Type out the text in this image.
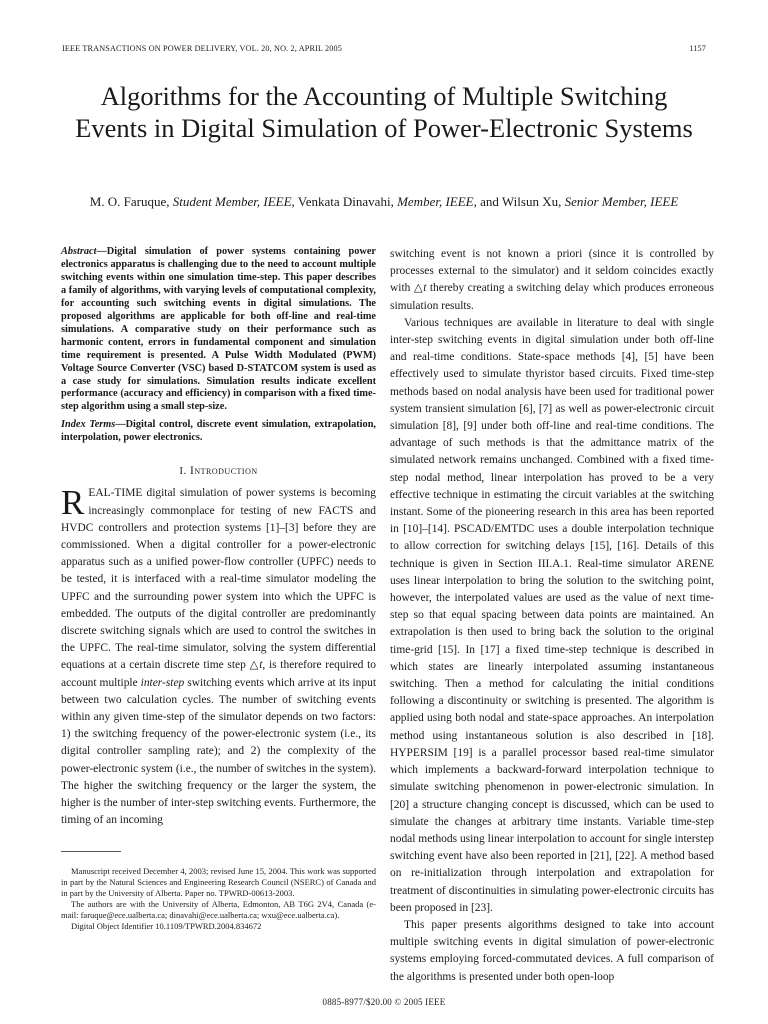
IEEE TRANSACTIONS ON POWER DELIVERY, VOL. 20, NO. 2, APRIL 2005	1157
Algorithms for the Accounting of Multiple Switching Events in Digital Simulation of Power-Electronic Systems
M. O. Faruque, Student Member, IEEE, Venkata Dinavahi, Member, IEEE, and Wilsun Xu, Senior Member, IEEE

Abstract—Digital simulation of power systems containing power electronics apparatus is challenging due to the need to account multiple switching events within one simulation time-step. This paper describes a family of algorithms, with varying levels of computational complexity, for accounting such switching events in digital simulations. The proposed algorithms are applicable for both off-line and real-time simulations. A comparative study on their performance such as harmonic content, errors in fundamental component and simulation time requirement is presented. A Pulse Width Modulated (PWM) Voltage Source Converter (VSC) based D-STATCOM system is used as a case study for simulations. Simulation results indicate excellent performance (accuracy and efficiency) in comparison with a fixed time-step algorithm using a small step-size.

Index Terms—Digital control, discrete event simulation, extrapolation, interpolation, power electronics.

I. Introduction

REAL-TIME digital simulation of power systems is becoming increasingly commonplace for testing of new FACTS and HVDC controllers and protection systems [1]–[3] before they are commissioned. When a digital controller for a power-electronic apparatus such as a unified power-flow controller (UPFC) needs to be tested, it is interfaced with a real-time simulator modeling the UPFC and the surrounding power system into which the UPFC is embedded. The outputs of the digital controller are predominantly discrete switching signals which are used to control the switches in the UPFC. The real-time simulator, solving the system differential equations at a certain discrete time step △t, is therefore required to account multiple inter-step switching events which arrive at its input between two calculation cycles. The number of switching events within any given time-step of the simulator depends on two factors: 1) the switching frequency of the power-electronic system (i.e., its digital controller sampling rate); and 2) the complexity of the power-electronic system (i.e., the number of switches in the system). The higher the switching frequency or the larger the system, the higher is the number of inter-step switching events. Furthermore, the timing of an incoming

Manuscript received December 4, 2003; revised June 15, 2004. This work was supported in part by the Natural Sciences and Engineering Research Council (NSERC) of Canada and in part by the University of Alberta. Paper no. TPWRD-00613-2003.

The authors are with the University of Alberta, Edmonton, AB T6G 2V4, Canada (e-mail: faruque@ece.ualberta.ca; dinavahi@ece.ualberta.ca; wxu@ece.ualberta.ca).

Digital Object Identifier 10.1109/TPWRD.2004.834672

switching event is not known a priori (since it is controlled by processes external to the simulator) and it seldom coincides exactly with △t thereby creating a switching delay which produces erroneous simulation results.

Various techniques are available in literature to deal with single inter-step switching events in digital simulation under both off-line and real-time conditions. State-space methods [4], [5] have been effectively used to simulate thyristor based circuits. Fixed time-step methods based on nodal analysis have been used for traditional power system transient simulation [6], [7] as well as power-electronic circuit simulation [8], [9] under both off-line and real-time conditions. The advantage of such methods is that the admittance matrix of the simulated network remains unchanged. Combined with a fixed time-step nodal method, linear interpolation has proved to be a very effective technique in estimating the circuit variables at the switching instant. Some of the pioneering research in this area has been reported in [10]–[14]. PSCAD/EMTDC uses a double interpolation technique to allow correction for switching delays [15], [16]. Details of this technique is given in Section III.A.1. Real-time simulator ARENE uses linear interpolation to bring the solution to the switching point, however, the interpolated values are used as the value of next time-step so that equal spacing between data points are maintained. An extrapolation is then used to bring back the solution to the original time-grid [15]. In [17] a fixed time-step technique is described in which states are linearly interpolated assuming instantaneous switching. Then a method for calculating the initial conditions following a discontinuity or switching is presented. The algorithm is applied using both nodal and state-space approaches. An interpolation method using instantaneous solution is also described in [18]. HYPERSIM [19] is a parallel processor based real-time simulator which implements a backward-forward interpolation technique to simulate switching phenomenon in power-electronic simulation. In [20] a structure changing concept is discussed, which can be used to simulate the changes at arbitrary time instants. Variable time-step nodal methods using linear interpolation to account for single interstep switching event have also been reported in [21], [22]. A method based on re-initialization through interpolation and extrapolation for treatment of discontinuities in simulating power-electronic circuits has been proposed in [23].

This paper presents algorithms designed to take into account multiple switching events in digital simulation of power-electronic systems employing forced-commutated devices. A full comparison of the algorithms is presented under both open-loop

0885-8977/$20.00 © 2005 IEEE
